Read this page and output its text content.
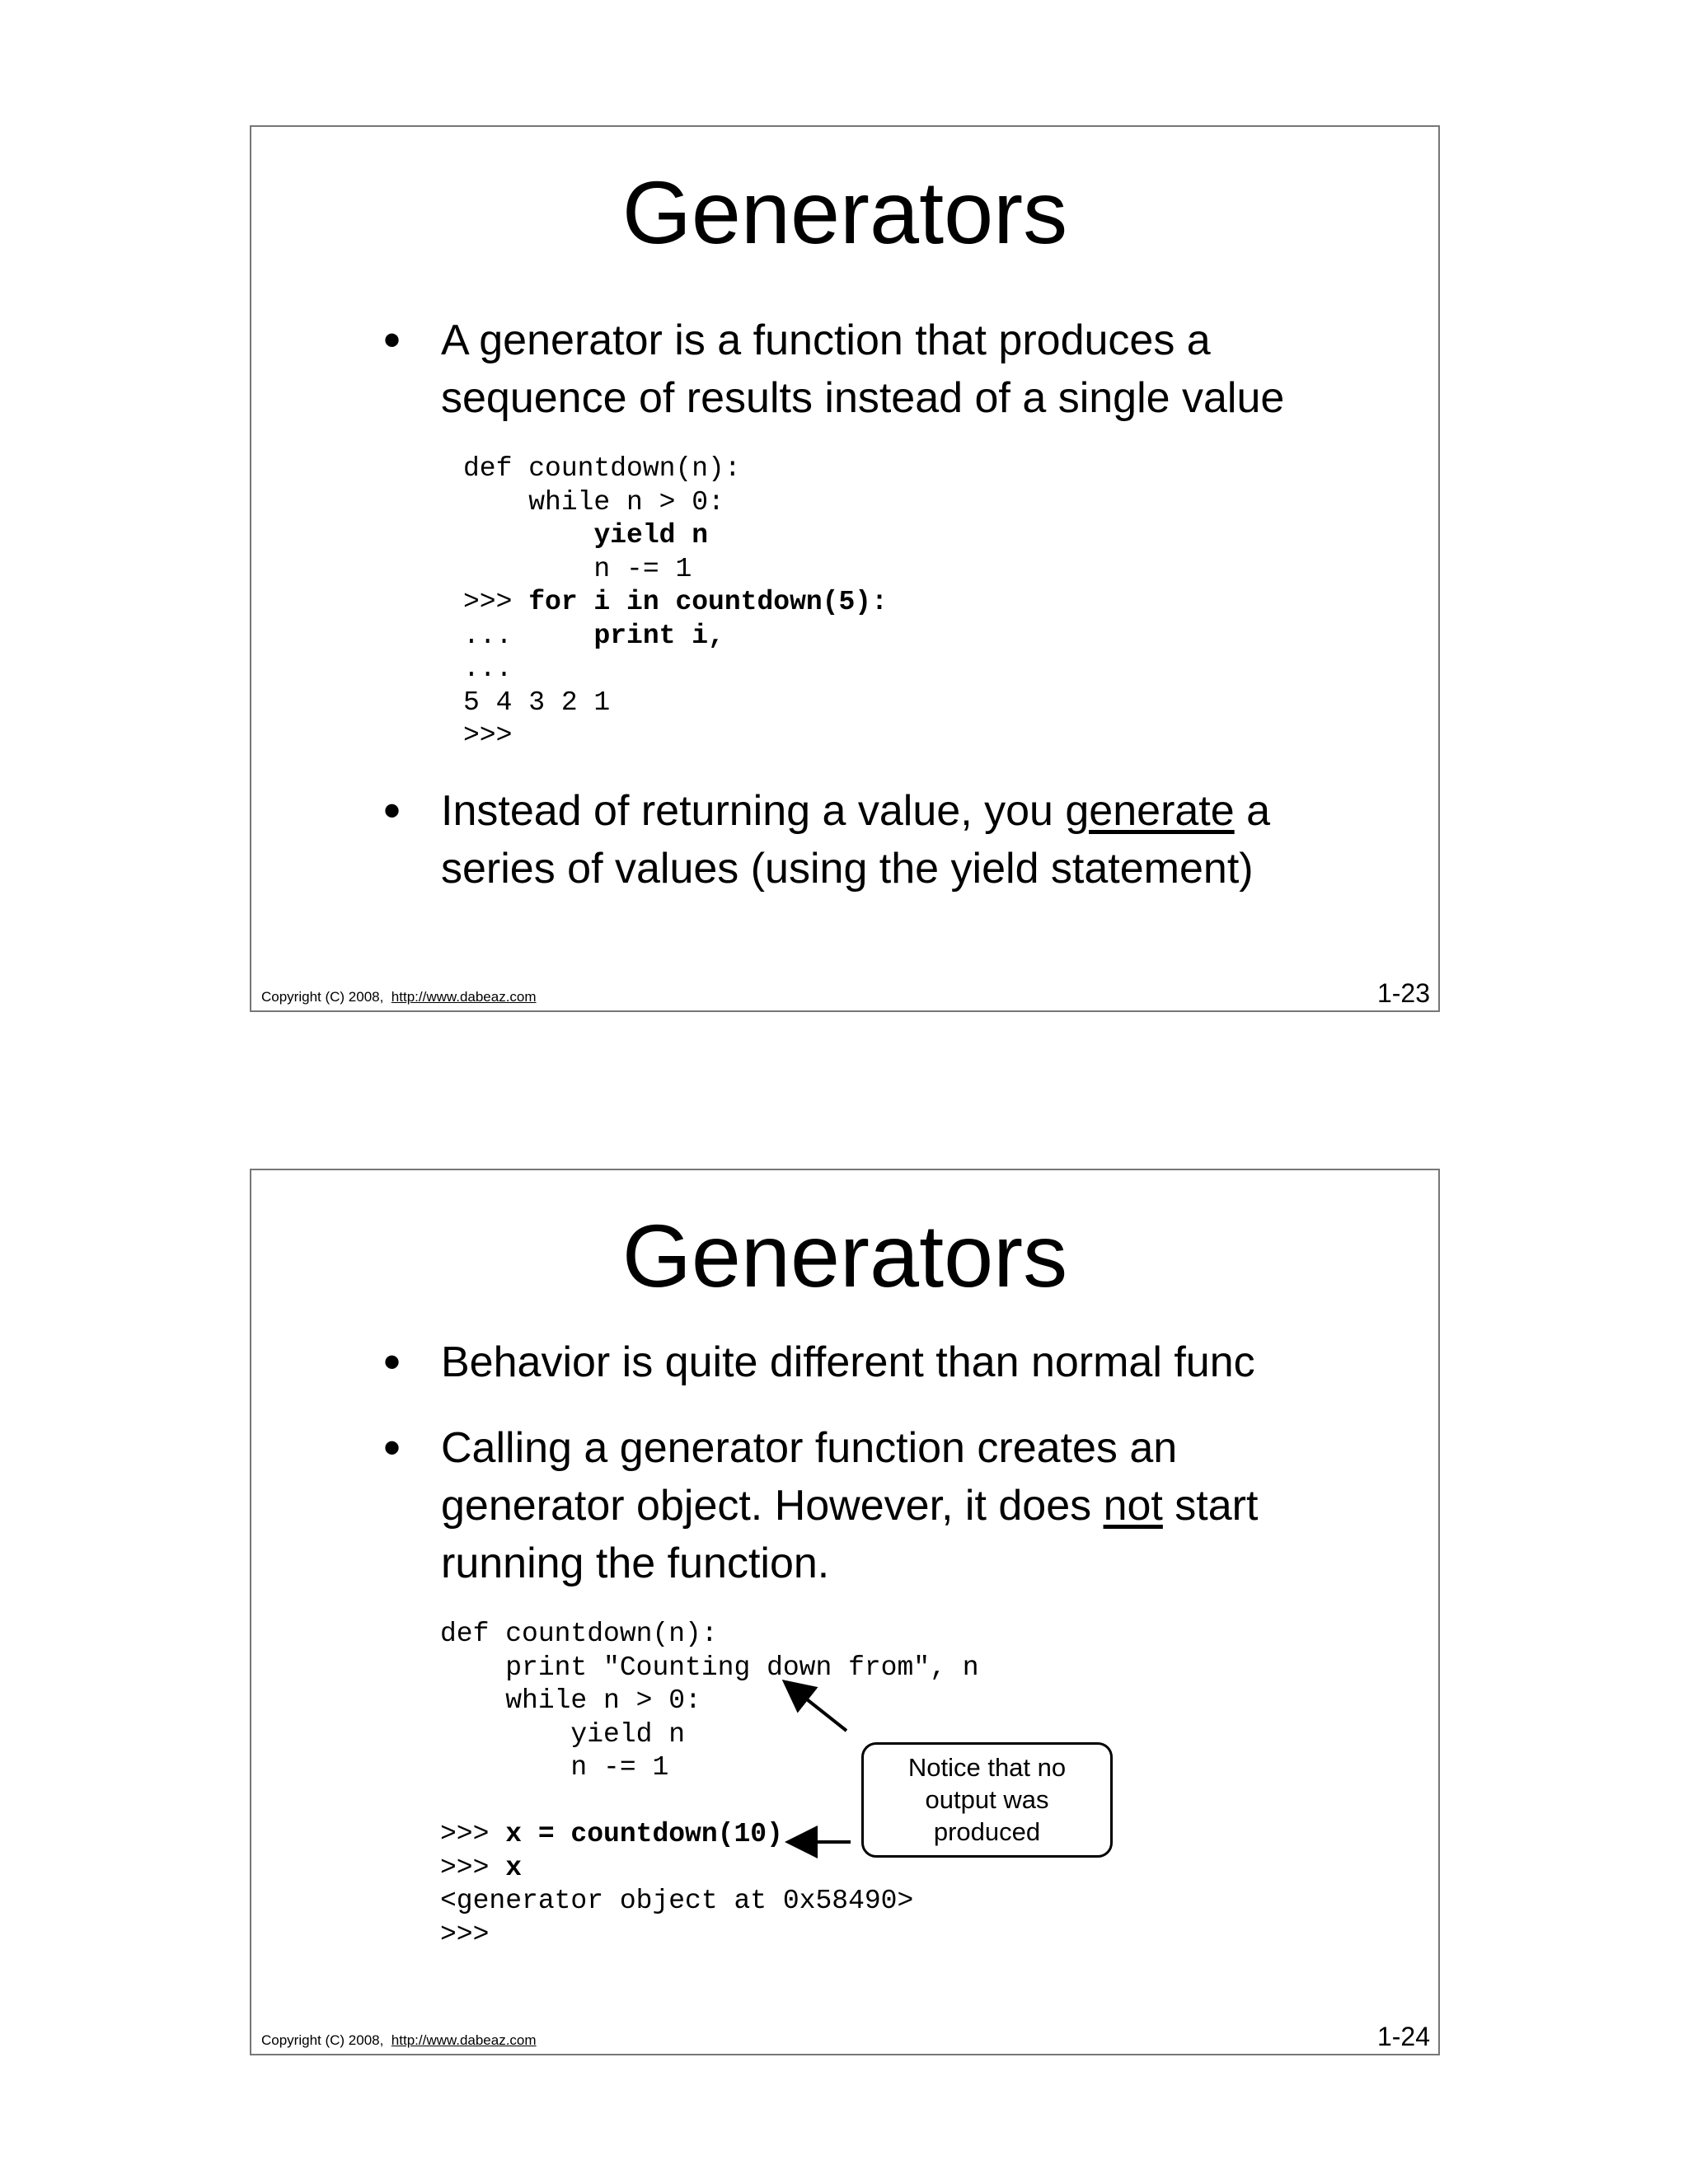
Generators
• A generator is a function that produces a
sequence of results instead of a single value
def countdown(n):
while n > 0:
yield n
n -= 1
>>> for i in countdown(5):
...     print i,
...
5 4 3 2 1
>>>
• Instead of returning a value, you generate a
series of values (using the yield statement)
Copyright (C) 2008, http://www.dabeaz.com	1-23
Generators
• Behavior is quite different than normal func
• Calling a generator function creates an
generator object. However, it does not start
running the function.
def countdown(n):
print "Counting down from", n
while n > 0:
yield n
n -= 1
>>> x = countdown(10)
>>> x
<generator object at 0x58490>
>>>
Notice that no
output was
produced
Copyright (C) 2008, http://www.dabeaz.com	1-24
